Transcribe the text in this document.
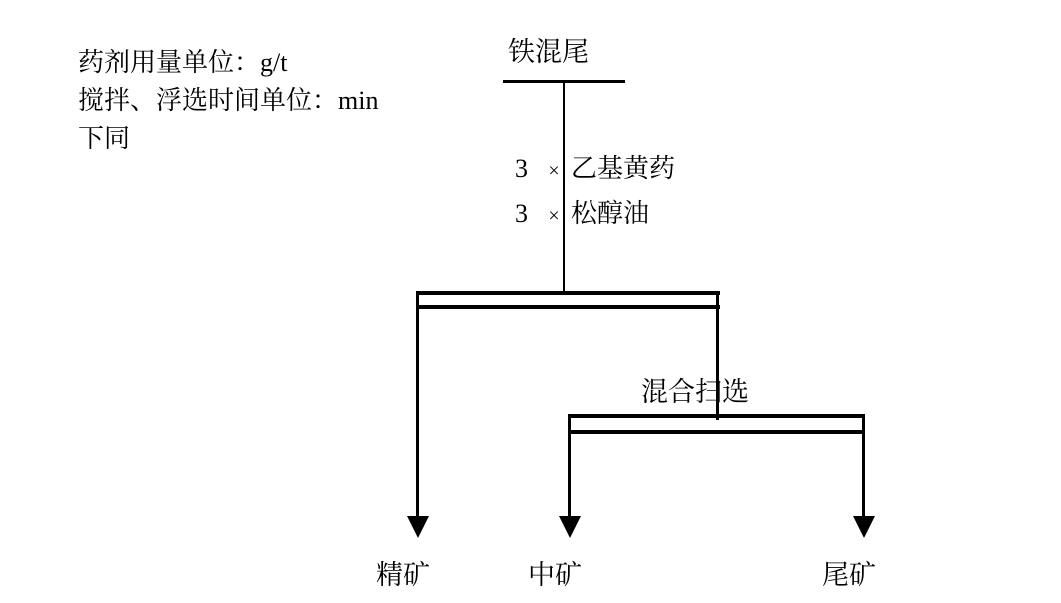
药剂用量单位：g/t
搅拌、浮选时间单位：min
下同
铁混尾
3 × 乙基黄药
3 × 松醇油
混合扫选
精矿	中矿	尾矿
